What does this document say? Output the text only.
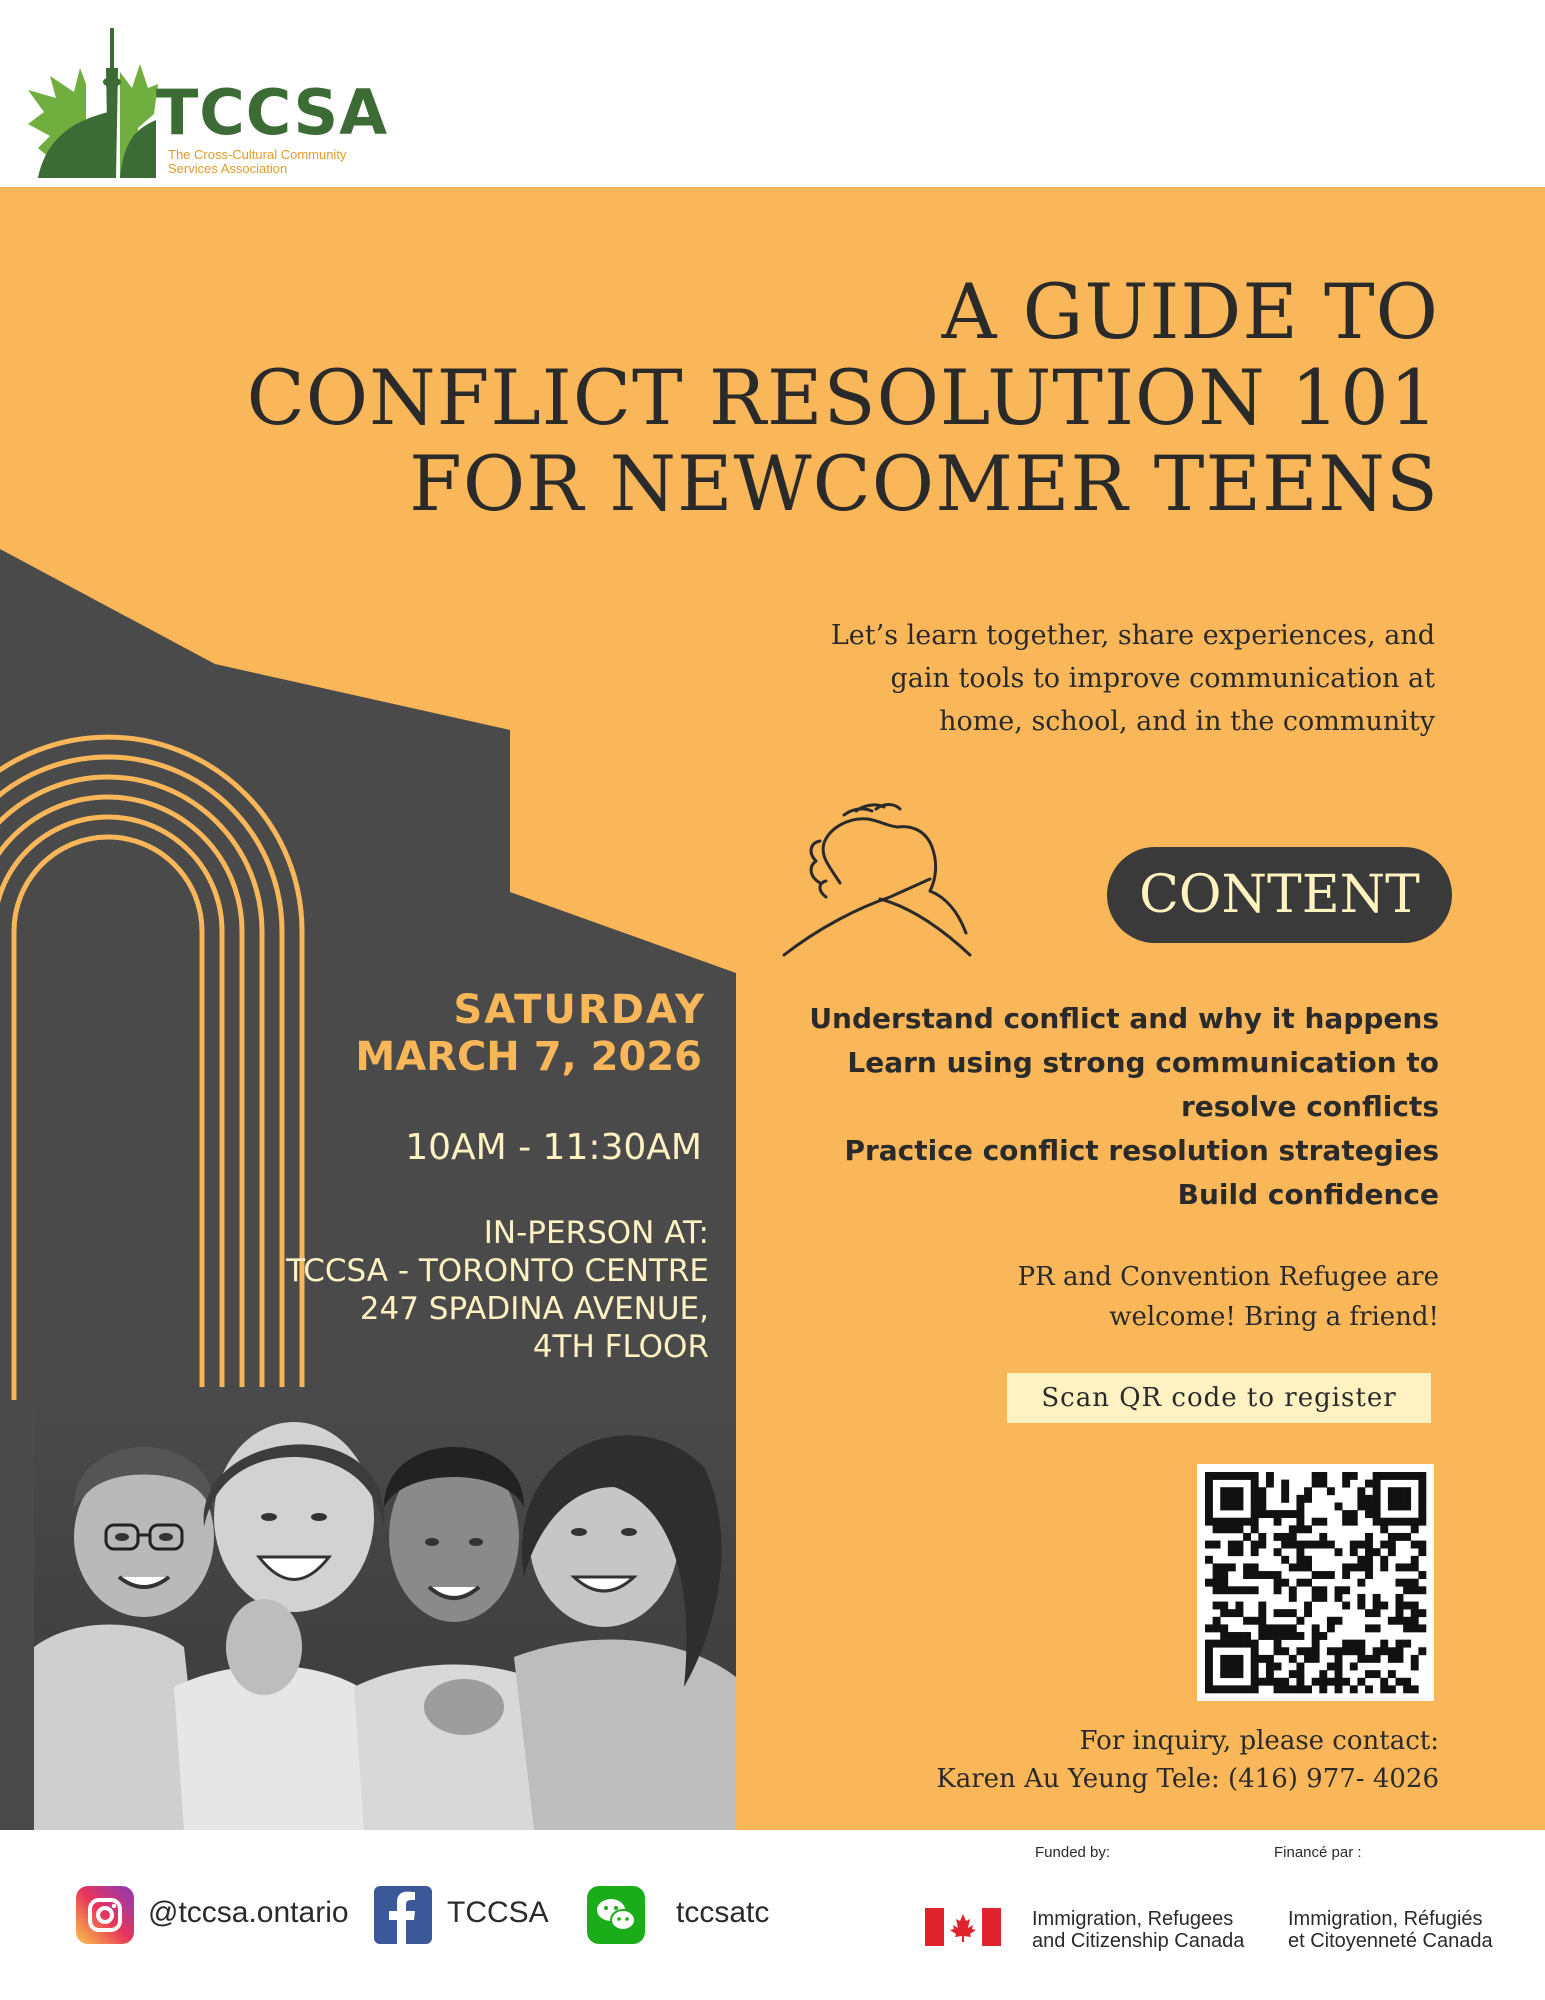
TCCSA
The Cross-Cultural Community
Services Association
A GUIDE TO
CONFLICT RESOLUTION 101
FOR NEWCOMER TEENS
Let’s learn together, share experiences, and
gain tools to improve communication at
home, school, and in the community
CONTENT
Understand conflict and why it happens
Learn using strong communication to
resolve conflicts
Practice conflict resolution strategies
Build confidence
SATURDAY
MARCH 7, 2026
10AM - 11:30AM
IN-PERSON AT:
TCCSA - TORONTO CENTRE
247 SPADINA AVENUE,
4TH FLOOR
PR and Convention Refugee are
welcome! Bring a friend!
Scan QR code to register
For inquiry, please contact:
Karen Au Yeung Tele: (416) 977- 4026
@tccsa.ontario	TCCSA	tccsatc
Funded by:	Financé par :
Immigration, Refugees
and Citizenship Canada
Immigration, Réfugiés
et Citoyenneté Canada
